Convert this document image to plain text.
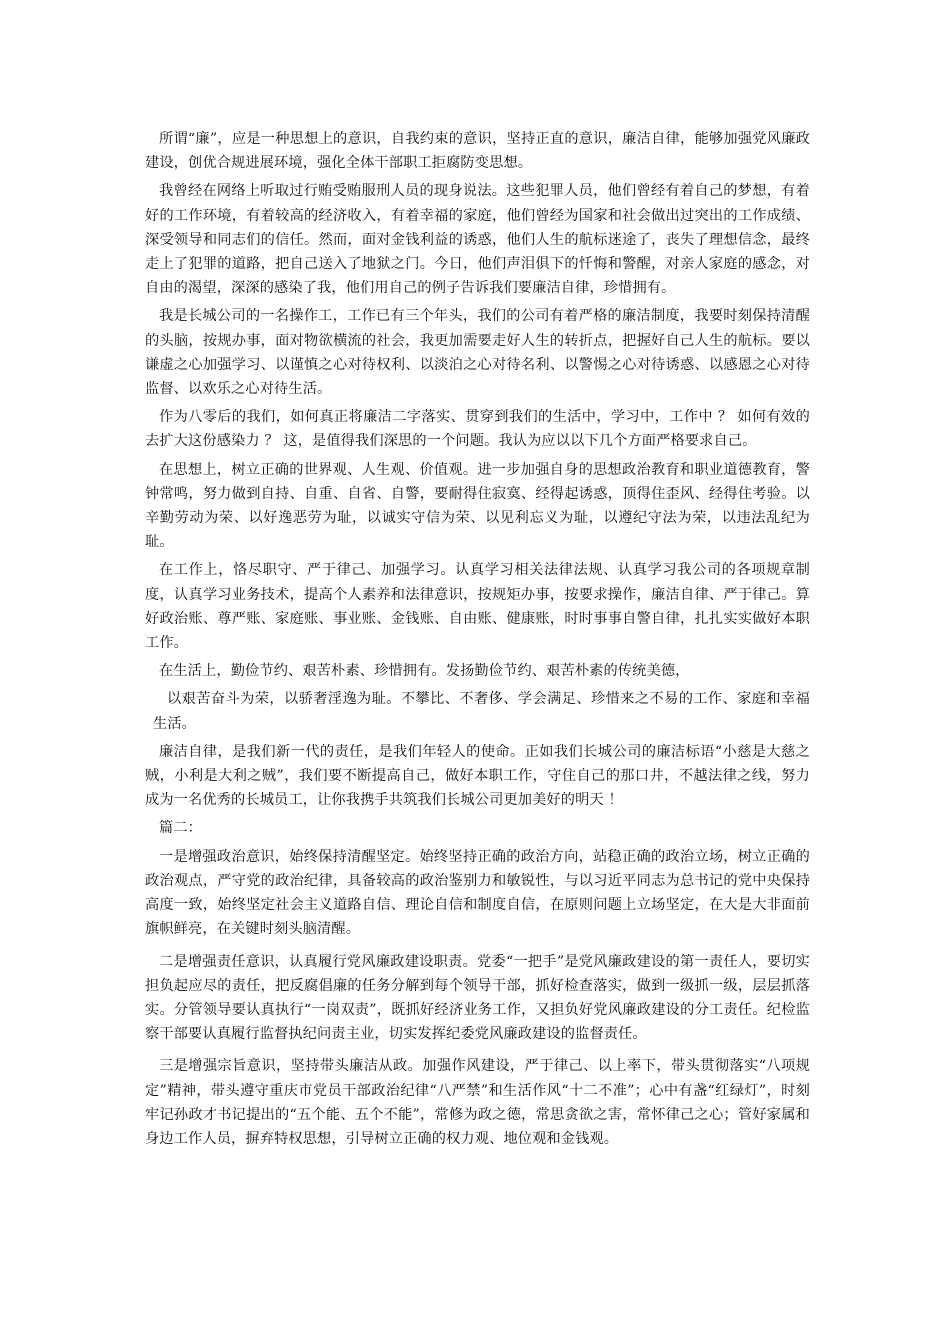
所谓“廉”，应是一种思想上的意识，自我约束的意识，坚持正直的意识，廉洁自律，能够加强党风廉政建设，创优合规进展环境，强化全体干部职工拒腐防变思想。

我曾经在网络上听取过行贿受贿服刑人员的现身说法。这些犯罪人员，他们曾经有着自己的梦想，有着好的工作环境，有着较高的经济收入，有着幸福的家庭，他们曾经为国家和社会做出过突出的工作成绩、深受领导和同志们的信任。然而，面对金钱利益的诱惑，他们人生的航标迷途了，丧失了理想信念，最终走上了犯罪的道路，把自己送入了地狱之门。今日，他们声泪俱下的忏悔和警醒，对亲人家庭的感念，对自由的渴望，深深的感染了我，他们用自己的例子告诉我们要廉洁自律，珍惜拥有。

我是长城公司的一名操作工，工作已有三个年头，我们的公司有着严格的廉洁制度，我要时刻保持清醒的头脑，按规办事，面对物欲横流的社会，我更加需要走好人生的转折点，把握好自己人生的航标。要以谦虚之心加强学习、以谨慎之心对待权利、以淡泊之心对待名利、以警惕之心对待诱惑、以感恩之心对待监督、以欢乐之心对待生活。

作为八零后的我们，如何真正将廉洁二字落实、贯穿到我们的生活中，学习中，工作中 ？ 如何有效的去扩大这份感染力 ？ 这，是值得我们深思的一个问题。我认为应以以下几个方面严格要求自己。

在思想上，树立正确的世界观、人生观、价值观。进一步加强自身的思想政治教育和职业道德教育，警钟常鸣，努力做到自持、自重、自省、自警，要耐得住寂寞、经得起诱惑，顶得住歪风、经得住考验。以辛勤劳动为荣、以好逸恶劳为耻，以诚实守信为荣、以见利忘义为耻，以遵纪守法为荣，以违法乱纪为耻。

在工作上，恪尽职守、严于律己、加强学习。认真学习相关法律法规、认真学习我公司的各项规章制度，认真学习业务技术，提高个人素养和法律意识，按规矩办事，按要求操作，廉洁自律、严于律己。算好政治账、尊严账、家庭账、事业账、金钱账、自由账、健康账，时时事事自警自律，扎扎实实做好本职工作。

在生活上，勤俭节约、艰苦朴素、珍惜拥有。发扬勤俭节约、艰苦朴素的传统美德，

以艰苦奋斗为荣，以骄奢淫逸为耻。不攀比、不奢侈、学会满足、珍惜来之不易的工作、家庭和幸福生活。

廉洁自律，是我们新一代的责任，是我们年轻人的使命。正如我们长城公司的廉洁标语“小慈是大慈之贼，小利是大利之贼”，我们要不断提高自己，做好本职工作，守住自己的那口井，不越法律之线，努力成为一名优秀的长城员工，让你我携手共筑我们长城公司更加美好的明天 ！

篇二：

一是增强政治意识，始终保持清醒坚定。始终坚持正确的政治方向，站稳正确的政治立场，树立正确的政治观点，严守党的政治纪律，具备较高的政治鉴别力和敏锐性，与以习近平同志为总书记的党中央保持高度一致，始终坚定社会主义道路自信、理论自信和制度自信，在原则问题上立场坚定，在大是大非面前旗帜鲜亮，在关键时刻头脑清醒。

二是增强责任意识，认真履行党风廉政建设职责。党委“一把手”是党风廉政建设的第一责任人，要切实担负起应尽的责任，把反腐倡廉的任务分解到每个领导干部，抓好检查落实，做到一级抓一级，层层抓落实。分管领导要认真执行“一岗双责”，既抓好经济业务工作，又担负好党风廉政建设的分工责任。纪检监察干部要认真履行监督执纪问责主业，切实发挥纪委党风廉政建设的监督责任。

三是增强宗旨意识，坚持带头廉洁从政。加强作风建设，严于律己、以上率下，带头贯彻落实“八项规定”精神，带头遵守重庆市党员干部政治纪律“八严禁”和生活作风“十二不准”；心中有盏“红绿灯”，时刻牢记孙政才书记提出的“五个能、五个不能”，常修为政之德，常思贪欲之害，常怀律己之心；管好家属和身边工作人员，摒弃特权思想，引导树立正确的权力观、地位观和金钱观。
